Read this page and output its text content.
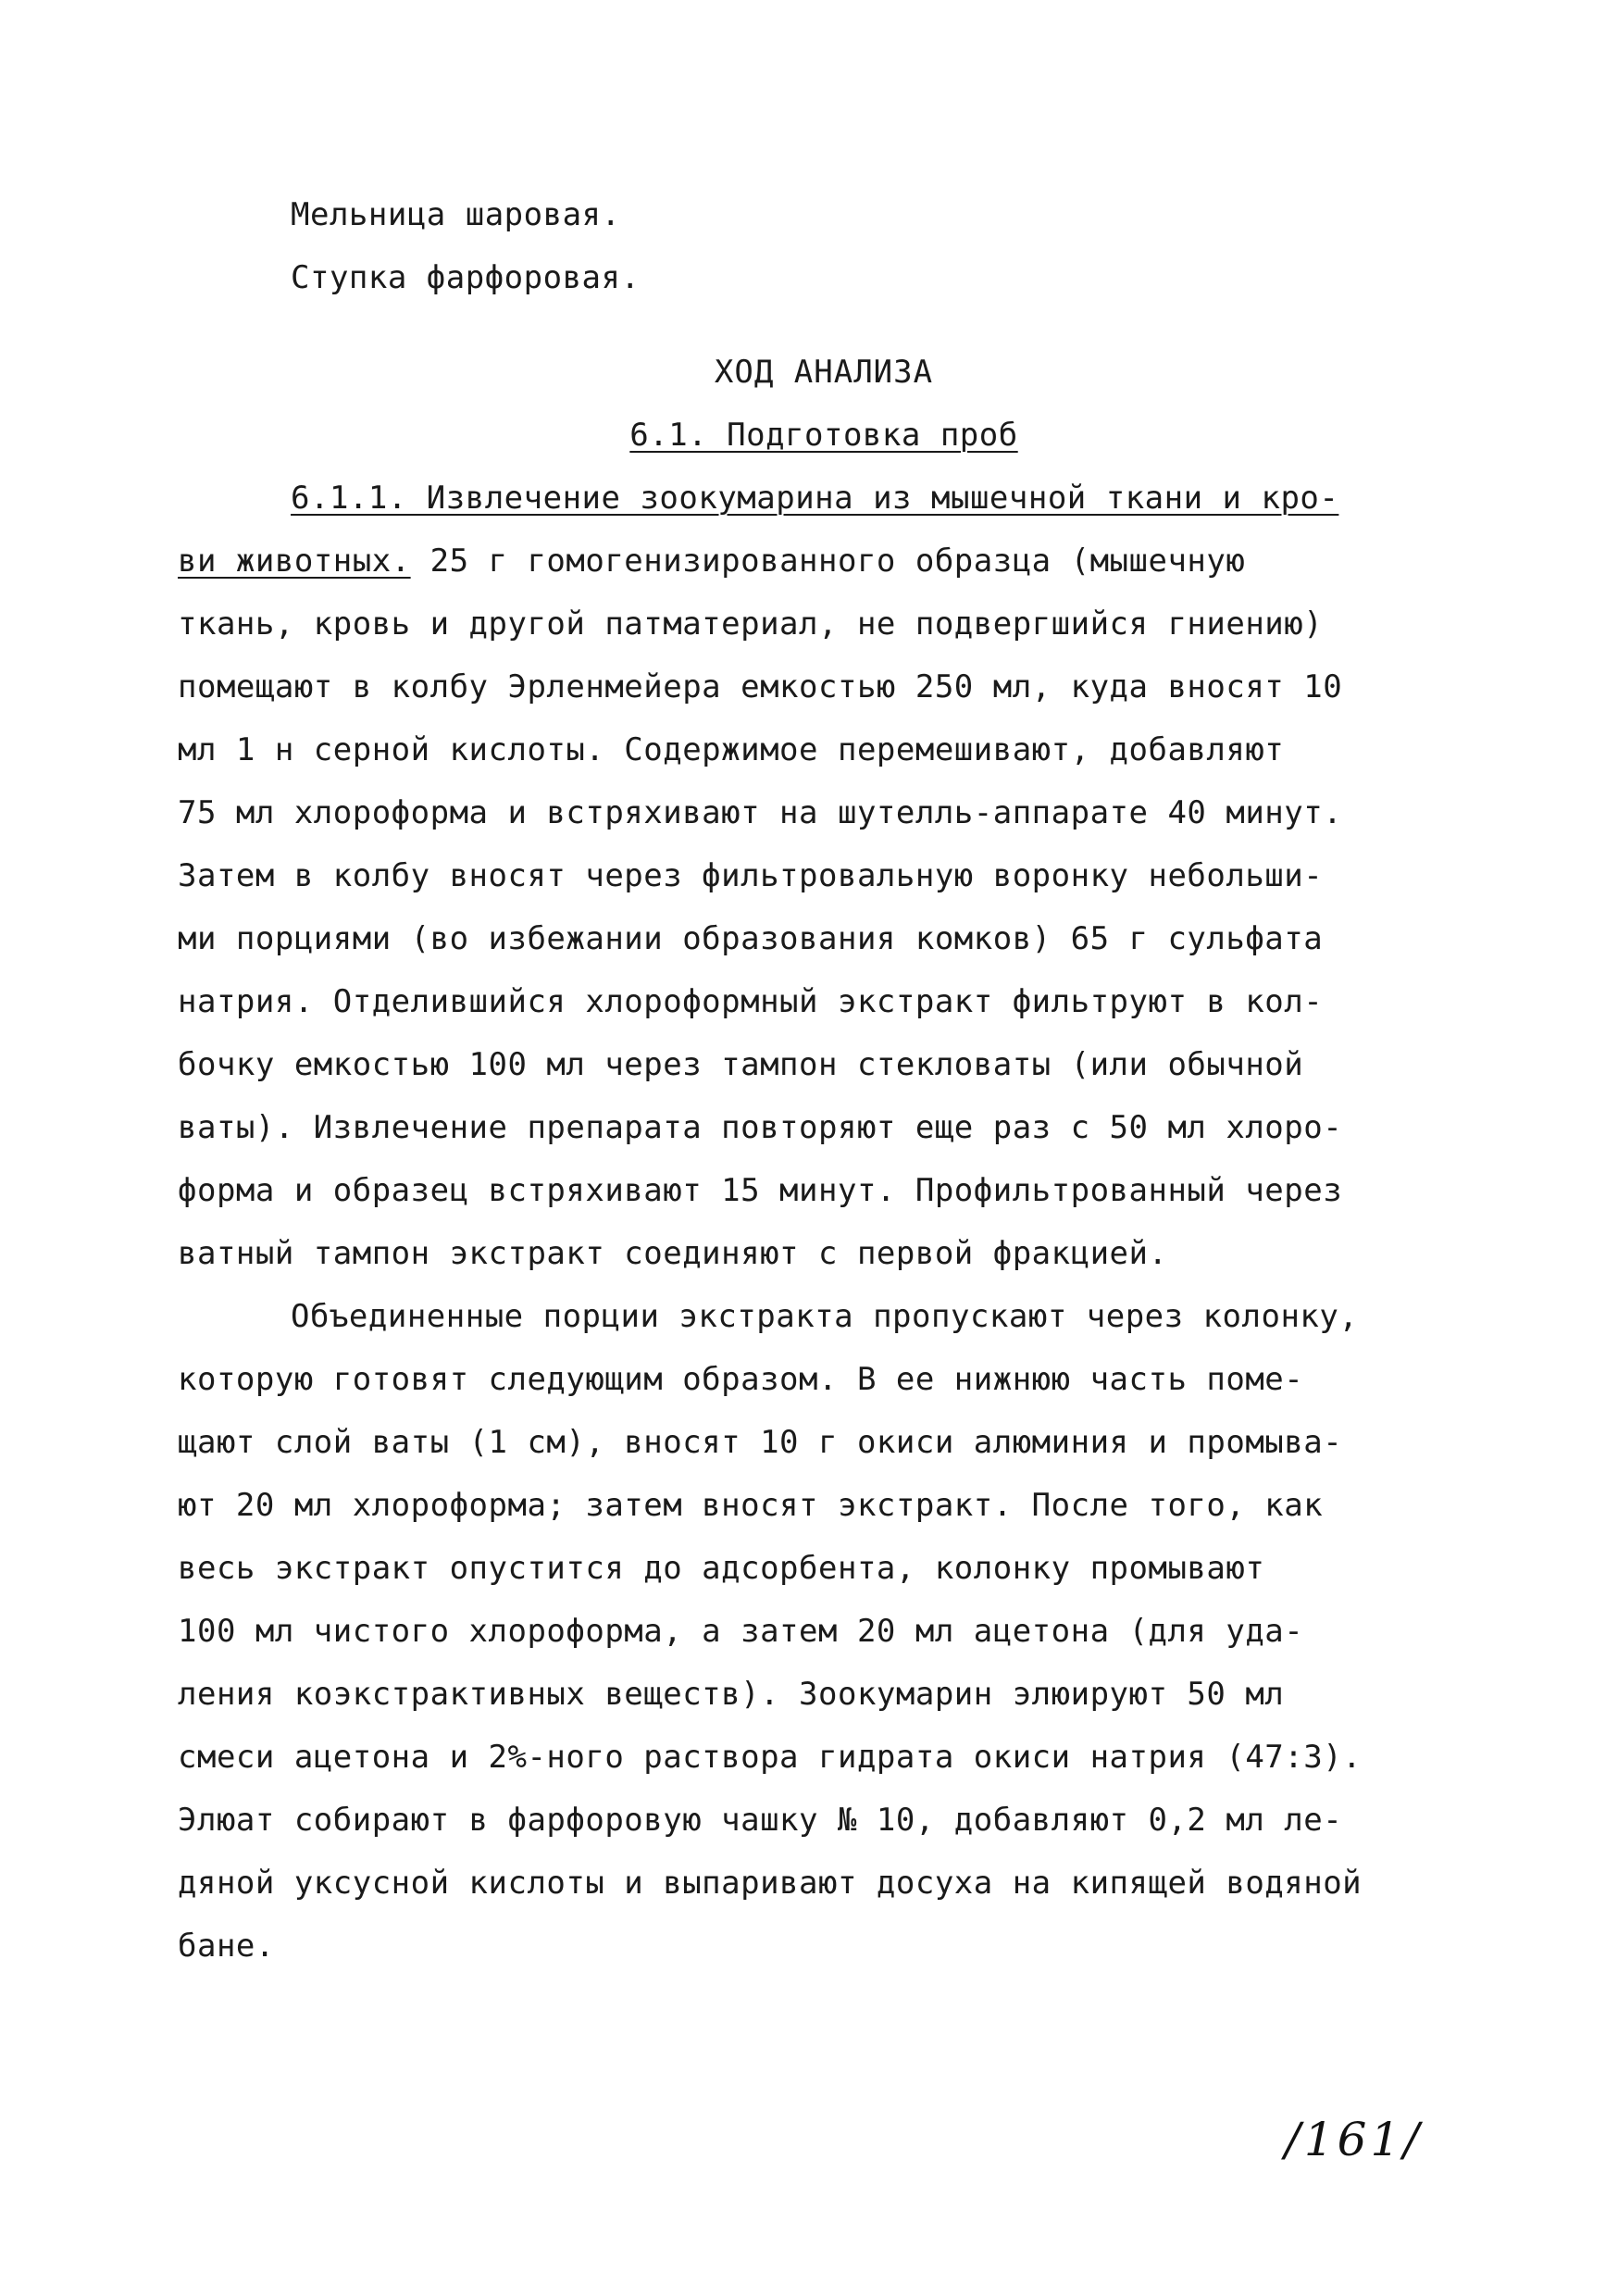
Мельница шаровая.
Ступка фарфоровая.
ХОД АНАЛИЗА
6.1. Подготовка проб
6.1.1. Извлечение зоокумарина из мышечной ткани и кро-
ви животных. 25 г гомогенизированного образца (мышечную
ткань, кровь и другой патматериал, не подвергшийся гниению)
помещают в колбу Эрленмейера емкостью 250 мл, куда вносят 10
мл 1 н серной кислоты. Содержимое перемешивают, добавляют
75 мл хлороформа и встряхивают на шутелль-аппарате 40 минут.
Затем в колбу вносят через фильтровальную воронку небольши-
ми порциями (во избежании образования комков) 65 г сульфата
натрия. Отделившийся хлороформный экстракт фильтруют в кол-
бочку емкостью 100 мл через тампон стекловаты (или обычной
ваты). Извлечение препарата повторяют еще раз с 50 мл хлоро-
форма и образец встряхивают 15 минут. Профильтрованный через
ватный тампон экстракт соединяют с первой фракцией.
Объединенные порции экстракта пропускают через колонку,
которую готовят следующим образом. В ее нижнюю часть поме-
щают слой ваты (1 см), вносят 10 г окиси алюминия и промыва-
ют 20 мл хлороформа; затем вносят экстракт. После того, как
весь экстракт опустится до адсорбента, колонку промывают
100 мл чистого хлороформа, а затем 20 мл ацетона (для уда-
ления коэкстрактивных веществ). Зоокумарин элюируют 50 мл
смеси ацетона и 2%-ного раствора гидрата окиси натрия (47:3).
Элюат собирают в фарфоровую чашку № 10, добавляют 0,2 мл ле-
дяной уксусной кислоты и выпаривают досуха на кипящей водяной
бане.
/161/
